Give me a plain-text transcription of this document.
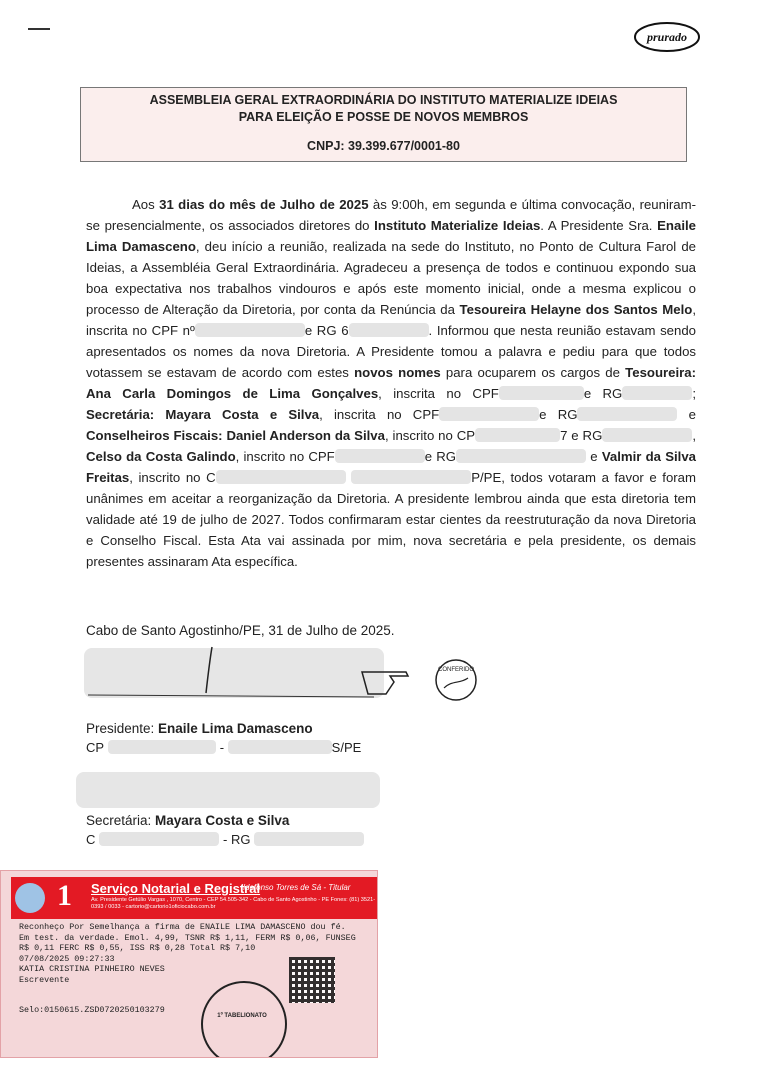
prurado
ASSEMBLEIA GERAL EXTRAORDINÁRIA DO INSTITUTO MATERIALIZE IDEIAS
PARA ELEIÇÃO E POSSE DE NOVOS MEMBROS
CNPJ: 39.399.677/0001-80

Aos 31 dias do mês de Julho de 2025 às 9:00h, em segunda e última convocação, reuniram-se presencialmente, os associados diretores do Instituto Materialize Ideias. A Presidente Sra. Enaile Lima Damasceno, deu início a reunião, realizada na sede do Instituto, no Ponto de Cultura Farol de Ideias, a Assembléia Geral Extraordinária. Agradeceu a presença de todos e continuou expondo sua boa expectativa nos trabalhos vindouros e após este momento inicial, onde a mesma explicou o processo de Alteração da Diretoria, por conta da Renúncia da Tesoureira Helayne dos Santos Melo, inscrita no CPF nº	e RG 6	. Informou que nesta reunião estavam sendo apresentados os nomes da nova Diretoria. A Presidente tomou a palavra e pediu para que todos votassem se estavam de acordo com estes novos nomes para ocuparem os cargos de Tesoureira: Ana Carla Domingos de Lima Gonçalves, inscrita no CPF	e RG	; Secretária: Mayara Costa e Silva, inscrita no CPF	e RG	e Conselheiros Fiscais: Daniel Anderson da Silva, inscrito no CP	7 e RG	, Celso da Costa Galindo, inscrito no CPF	e RG	e Valmir da Silva Freitas, inscrito no C	P/PE, todos votaram a favor e foram unânimes em aceitar a reorganização da Diretoria. A presidente lembrou ainda que esta diretoria tem validade até 19 de julho de 2027. Todos confirmaram estar cientes da reestruturação da nova Diretoria e Conselho Fiscal. Esta Ata vai assinada por mim, nova secretária e pela presidente, os demais presentes assinaram Ata específica.

Cabo de Santo Agostinho/PE, 31 de Julho de 2025.
CONFERIDO
Presidente: Enaile Lima Damasceno
CP	-	S/PE
Secretária: Mayara Costa e Silva
C	- RG
1 Serviço Notarial e Registral
Ildefonso Torres de Sá - Titular
Av. Presidente Getúlio Vargas , 1070, Centro - CEP 54.505-342 - Cabo de Santo Agostinho - PE Fones: (81) 3521-0393 / 0033 - cartorio@cartorio1oficiocabo.com.br
Reconheço Por Semelhança a firma de ENAILE LIMA DAMASCENO dou fé.
Em test. da verdade. Emol. 4,99, TSNR R$ 1,11, FERM R$ 0,06, FUNSEG
R$ 0,11 FERC R$ 0,55, ISS R$ 0,28 Total R$ 7,10
07/08/2025 09:27:33
KATIA CRISTINA PINHEIRO NEVES
Escrevente
1º TABELIONATO
Selo:0150615.ZSD0720250103279
